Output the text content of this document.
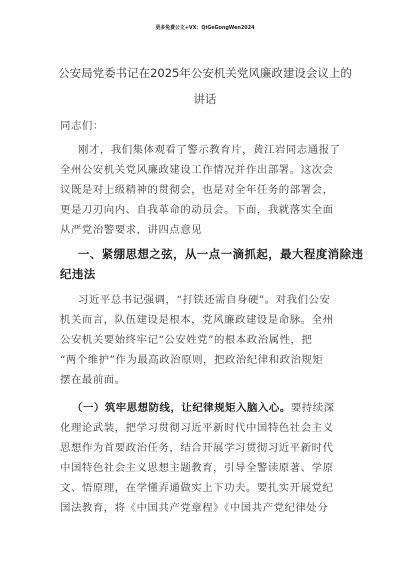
更多免费公文+VX：QiGeGongWen2024
公安局党委书记在2025年公安机关党风廉政建设会议上的
讲话
同志们：
刚才，我们集体观看了警示教育片，黄江岩同志通报了
全州公安机关党风廉政建设工作情况并作出部署。这次会
议既是对上级精神的贯彻会，也是对全年任务的部署会，
更是刀刃向内、自我革命的动员会。下面，我就落实全面
从严党治警要求，讲四点意见
一、紧绷思想之弦，从一点一滴抓起，最大程度消除违
纪违法
习近平总书记强调，“打铁还需自身硬”。对我们公安
机关而言，队伍建设是根本，党风廉政建设是命脉。全州
公安机关要始终牢记“公安姓党”的根本政治属性，把
“两个维护”作为最高政治原则，把政治纪律和政治规矩
摆在最前面。
（一）筑牢思想防线，让纪律规矩入脑入心。要持续深
化理论武装，把学习贯彻习近平新时代中国特色社会主义
思想作为首要政治任务，结合开展学习贯彻习近平新时代
中国特色社会主义思想主题教育，引导全警读原著、学原
文、悟原理，在学懂弄通做实上下功夫。要扎实开展党纪
国法教育，将《中国共产党章程》《中国共产党纪律处分
